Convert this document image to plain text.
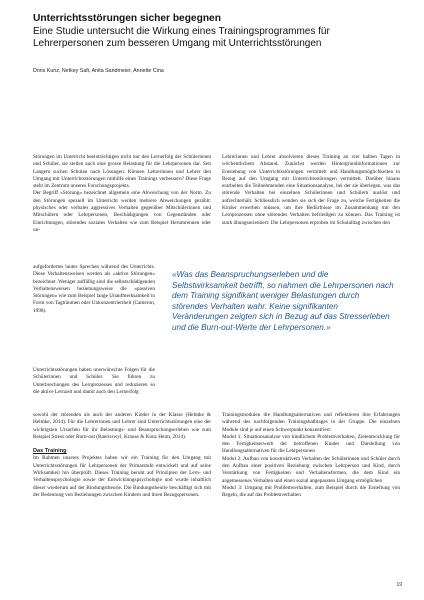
Unterrichtsstörungen sicher begegnen
Eine Studie untersucht die Wirkung eines Trainingsprogrammes für Lehrerpersonen zum besseren Umgang mit Unterrichtsstörungen
Doris Kunz, Netkey Safi, Anita Sandmeier, Annette Cina

Störungen im Unterricht beeinträchtigen nicht nur den Lernerfolg der Schülerinnen und Schüler, sie stellen auch eine grosse Belastung für die Lehrpersonen dar. Seit Langem suchen Schulen nach Lösungen. Können Lehrerinnen und Lehrer den Umgang mit Unterrichtsstörungen mithilfe eines Trainings verbessern? Diese Frage steht im Zentrum unseres Forschungsprojekts.

Der Begriff «Störung» bezeichnet allgemein eine Abweichung von der Norm. Zu den Störungen speziell im Unterricht werden mehrere Abweichungen gezählt: physisches oder verbales aggressives Verhalten gegenüber Mitschülerinnen und Mitschülern oder Lehrpersonen, Beschädigungen von Gegenständen oder Einrichtungen, störendes soziales Verhalten wie zum Beispiel Herumrennen oder un-

aufgefordertes lautes Sprechen während des Unterrichts. Diese Verhaltensweisen werden als «aktive Störungen» bezeichnet. Weniger auffällig sind die selbstschädigenden Verhaltensweisen beziehungsweise die «passiven Störungen» wie zum Beispiel lange Unaufmerksamkeit in Form von Tagträumen oder Unkonzentriertheit (Cameron, 1998).

Unterrichtsstörungen haben unerwünschte Folgen für die Schülerinnen und Schüler. Sie führen zu Unterbrechungen des Lernprozesses und reduzieren so die aktive Lernzeit und damit auch den Lernerfolg

sowohl der störenden als auch der anderen Kinder in der Klasse (Helmke & Helmke, 2014). Für die Lehrerinnen und Lehrer sind Unterrichtsstörungen eine der wichtigsten Ursachen für ihr Belastungs- und Beanspruchungserleben wie zum Beispiel Stress oder Burn-out (Baerisswyl, Krause & Kunz Heim, 2014).

Das Training

Im Rahmen unseres Projektes haben wir ein Training für den Umgang mit Unterrichtsstörungen für Lehrpersonen der Primarstufe entwickelt und auf seine Wirksamkeit hin überprüft. Dieses Training beruht auf Prinzipien der Lern- und Verhaltenspsychologie sowie der Entwicklungspsychologie und wurde inhaltlich dieser wiederum auf der Bindungstheorie. Die Bindungstheorie beschäftigt sich mit der Bedeutung von Beziehungen zwischen Kindern und ihren Bezugspersonen.

Lehrerinnen und Lehrer absolvieren dieses Training an vier halben Tagen in wöchentlichem Abstand. Zunächst werden Hintergrundinformationen zur Entstehung von Unterrichtsstörungen vermittelt und Handlungsmöglichkeiten in Bezug auf den Umgang mit Unterrichtsstörungen vermittelt. Darüber hinaus erarbeiten die Teilnehmenden eine Situationsanalyse, bei der sie überlegen, was das störende Verhalten bei einzelnen Schülerinnen und Schülern auslöst und aufrechterhält. Schliesslich wenden sie sich der Frage zu, welche Fertigkeiten die Kinder erwerben müssen, um ihre Bedürfnisse im Zusammenhang mit den Lernprozessen ohne störendes Verhalten befriedigen zu können. Das Training ist stark übungsorientiert: Die Lehrpersonen erproben im Schulalltag zwischen den

«Was das Beanspruchungserleben und die Selbstwirksamkeit betrifft, so nahmen die Lehrpersonen nach dem Training signifikant weniger Belastungen durch störendes Verhalten wahr. Keine signifikanten Veränderungen zeigten sich in Bezug auf das Stresserleben und die Burn-out-Werte der Lehrpersonen.»

Trainingsmodulen die Handlungsalternativen und reflektieren ihre Erfahrungen während des nachfolgenden Trainingshalbtages in der Gruppe. Die einzelnen Module sind je auf einen Schwerpunkt konzentriert:

Modul 1: Situationsanalyse von kindlichem Problemverhalten, Zielentwicklung für den Fertigkeitserwerb der betroffenen Kinder und Darstellung von Handlungsalternativen für die Lehrpersonen

Modul 2: Aufbau von konstruktivem Verhalten der Schülerinnen und Schüler durch den Aufbau einer positiven Beziehung zwischen Lehrperson und Kind, durch Verstärkung von Fertigkeiten und Verhaltensformen, die dem Kind ein angemessenes Verhalten und einen sozial angepassten Umgang ermöglichen

Modul 3: Umgang mit Problemverhalten, zum Beispiel durch die Erstellung von Regeln, die auf das Problemverhalten

19
